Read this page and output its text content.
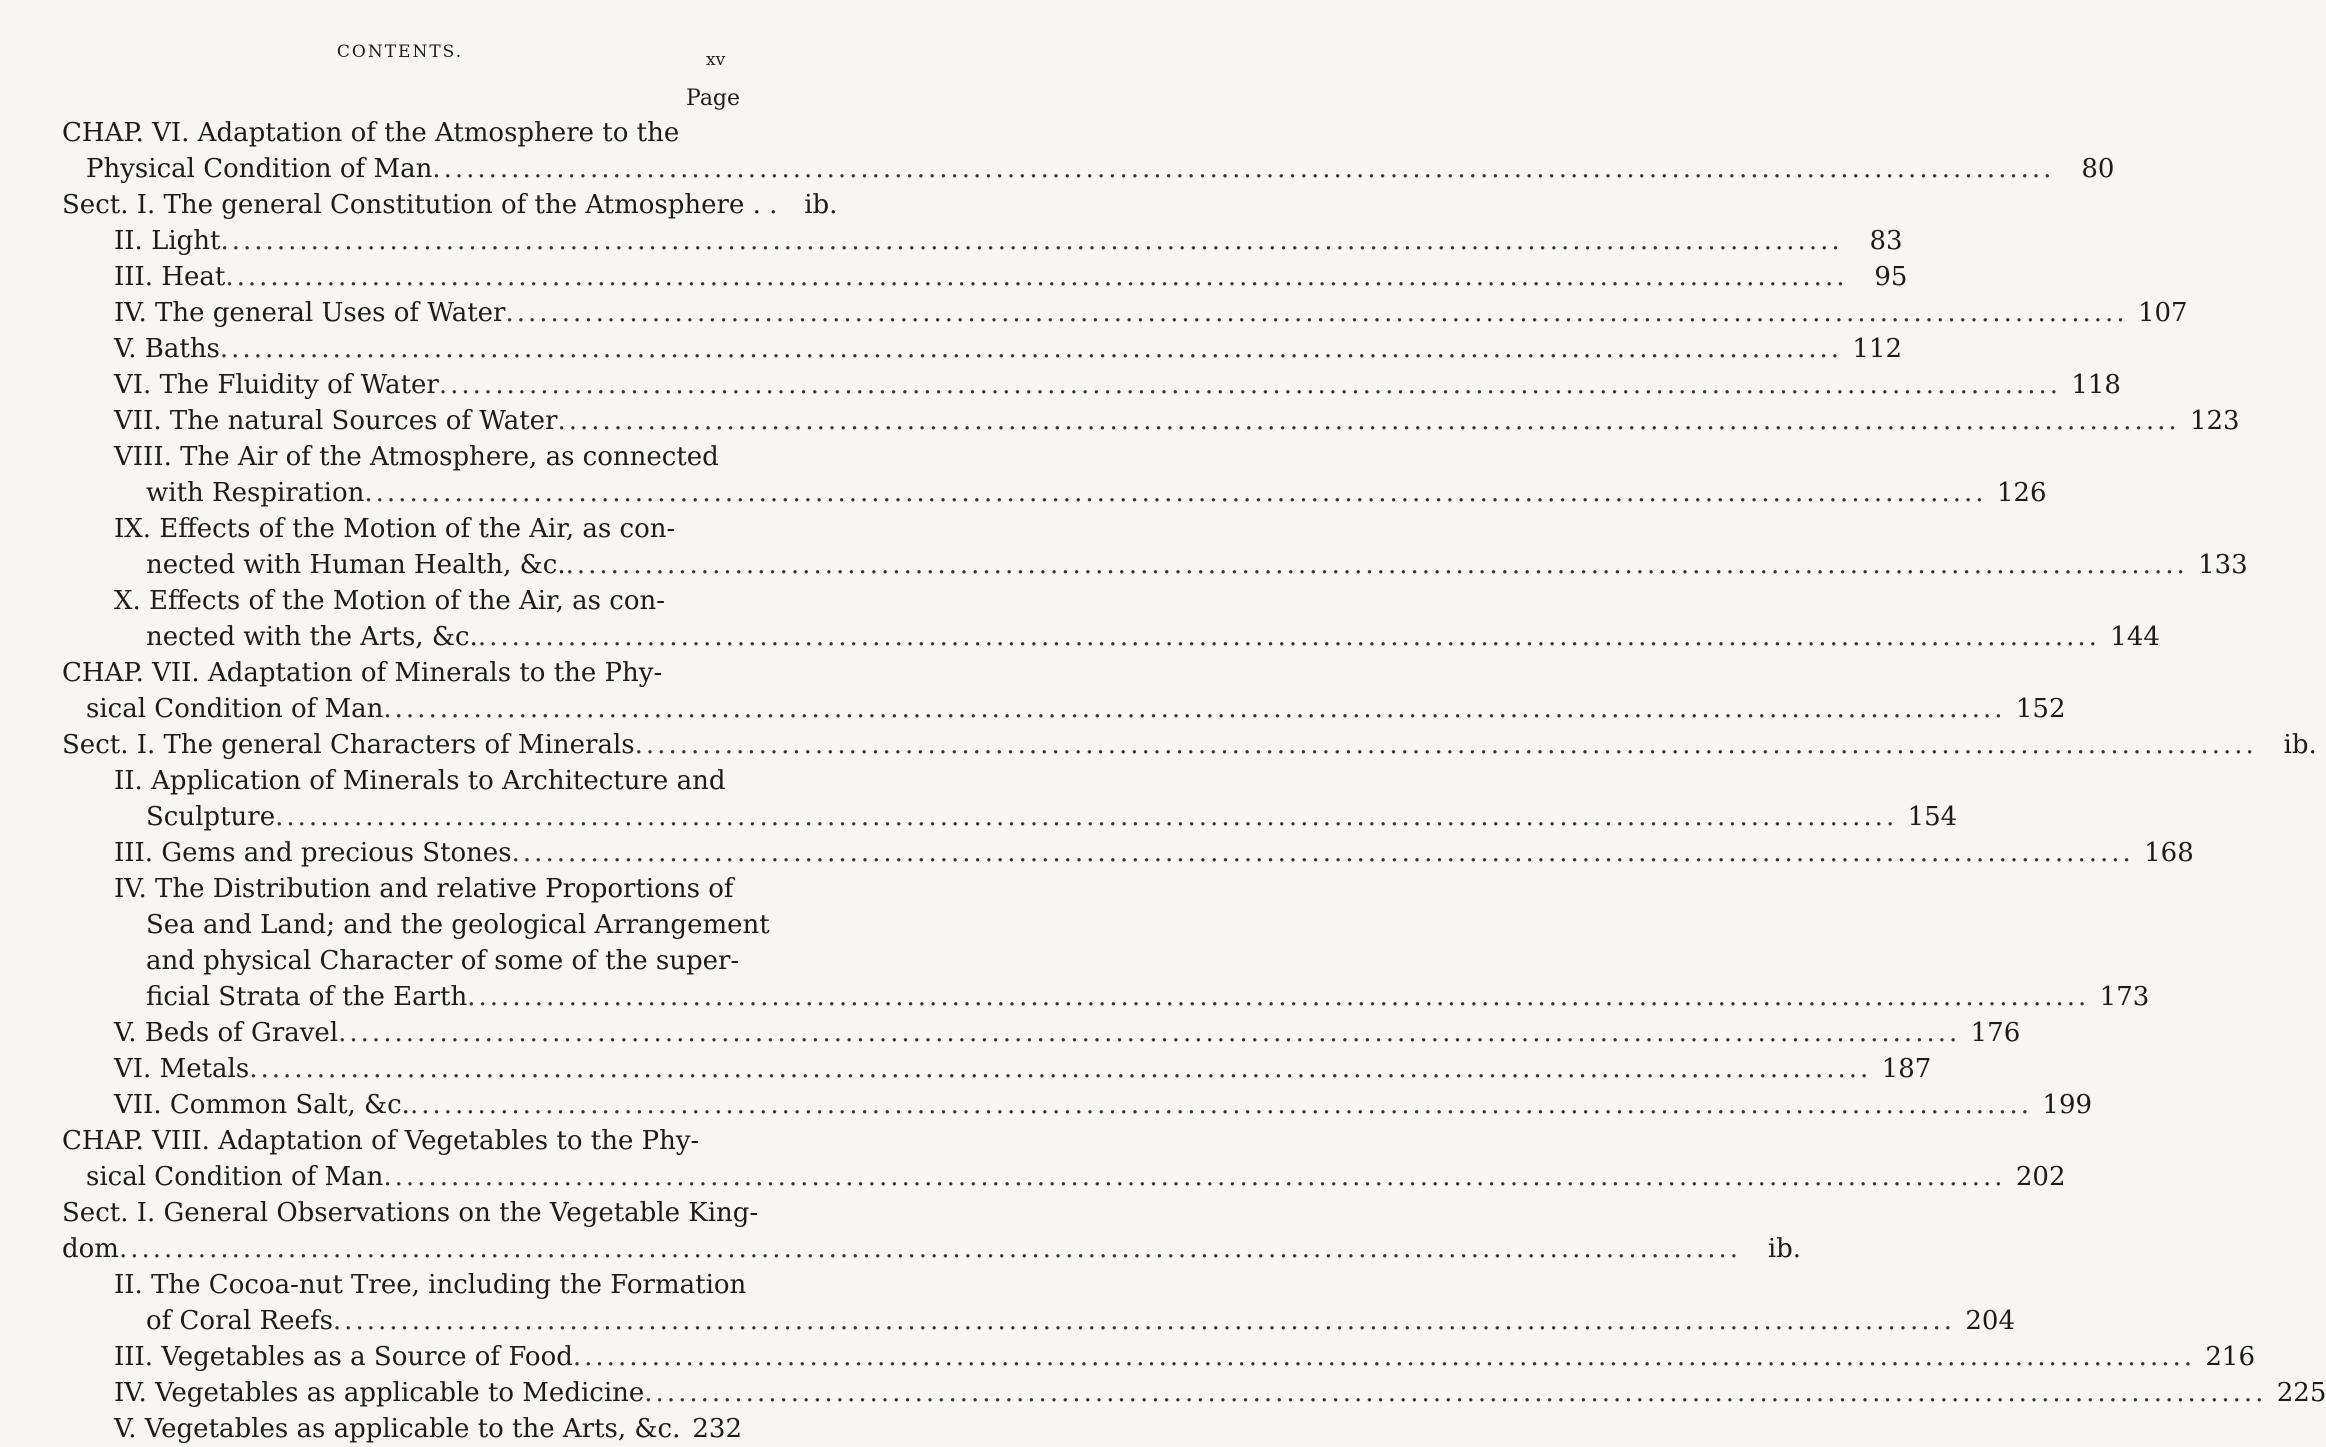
CONTENTS.	xv
Page
CHAP. VI. Adaptation of the Atmosphere to the
Physical Condition of Man .....	80
Sect. I. The general Constitution of the Atmosphere . .	ib.
II. Light .....	83
III. Heat .....	95
IV. The general Uses of Water .....	107
V. Baths .....	112
VI. The Fluidity of Water .....	118
VII. The natural Sources of Water .....	123
VIII. The Air of the Atmosphere, as connected
with Respiration .....	126
IX. Effects of the Motion of the Air, as con-
nected with Human Health, &c. .....	133
X. Effects of the Motion of the Air, as con-
nected with the Arts, &c. .....	144
CHAP. VII. Adaptation of Minerals to the Phy-
sical Condition of Man .....	152
Sect. I. The general Characters of Minerals .....	ib.
II. Application of Minerals to Architecture and
Sculpture .....	154
III. Gems and precious Stones .....	168
IV. The Distribution and relative Proportions of
Sea and Land; and the geological Arrangement
and physical Character of some of the super-
ficial Strata of the Earth .....	173
V. Beds of Gravel .....	176
VI. Metals .....	187
VII. Common Salt, &c. .....	199
CHAP. VIII. Adaptation of Vegetables to the Phy-
sical Condition of Man .....	202
Sect. I. General Observations on the Vegetable King-
dom .....	ib.
II. The Cocoa-nut Tree, including the Formation
of Coral Reefs .....	204
III. Vegetables as a Source of Food .....	216
IV. Vegetables as applicable to Medicine .....	225
V. Vegetables as applicable to the Arts, &c. ..... 232
